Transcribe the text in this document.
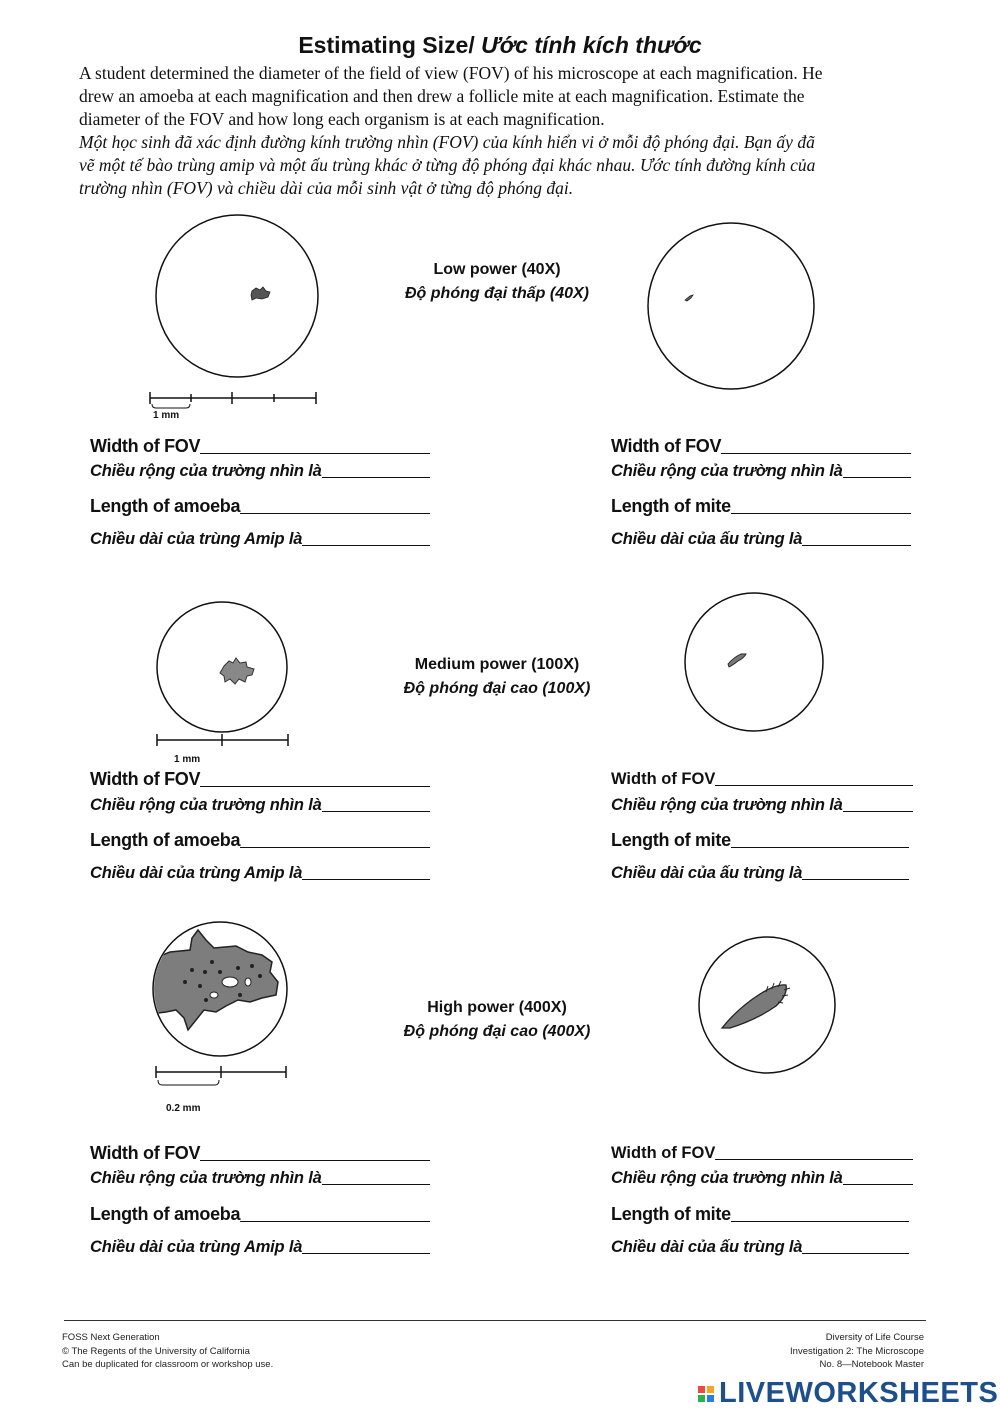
Estimating Size/ Ước tính kích thước
A student determined the diameter of the field of view (FOV) of his microscope at each magnification. He
drew an amoeba at each magnification and then drew a follicle mite at each magnification. Estimate the
diameter of the FOV and how long each organism is at each magnification.
Một học sinh đã xác định đường kính trường nhìn (FOV) của kính hiển vi ở mỗi độ phóng đại. Bạn ấy đã
vẽ một tế bào trùng amip và một ấu trùng khác ở từng độ phóng đại khác nhau. Ước tính đường kính của
trường nhìn (FOV) và chiều dài của mỗi sinh vật ở từng độ phóng đại.
1 mm
1 mm
0.2 mm
Low power (40X)
Độ phóng đại thấp (40X)
Medium power (100X)
Độ phóng đại cao (100X)
High power (400X)
Độ phóng đại cao (400X)
Width of FOV
Chiều rộng của trường nhìn là
Length of amoeba
Chiều dài của trùng Amip là
Width of FOV
Chiều rộng của trường nhìn là
Length of mite
Chiều dài của ấu trùng là
Width of FOV
Chiều rộng của trường nhìn là
Length of amoeba
Chiều dài của trùng Amip là
Width of FOV
Chiều rộng của trường nhìn là
Length of mite
Chiều dài của ấu trùng là
Width of FOV
Chiều rộng của trường nhìn là
Length of amoeba
Chiều dài của trùng Amip là
Width of FOV
Chiều rộng của trường nhìn là
Length of mite
Chiều dài của ấu trùng là
FOSS Next Generation
© The Regents of the University of California
Can be duplicated for classroom or workshop use.
Diversity of Life Course
Investigation 2: The Microscope
No. 8—Notebook Master
LIVEWORKSHEETS
